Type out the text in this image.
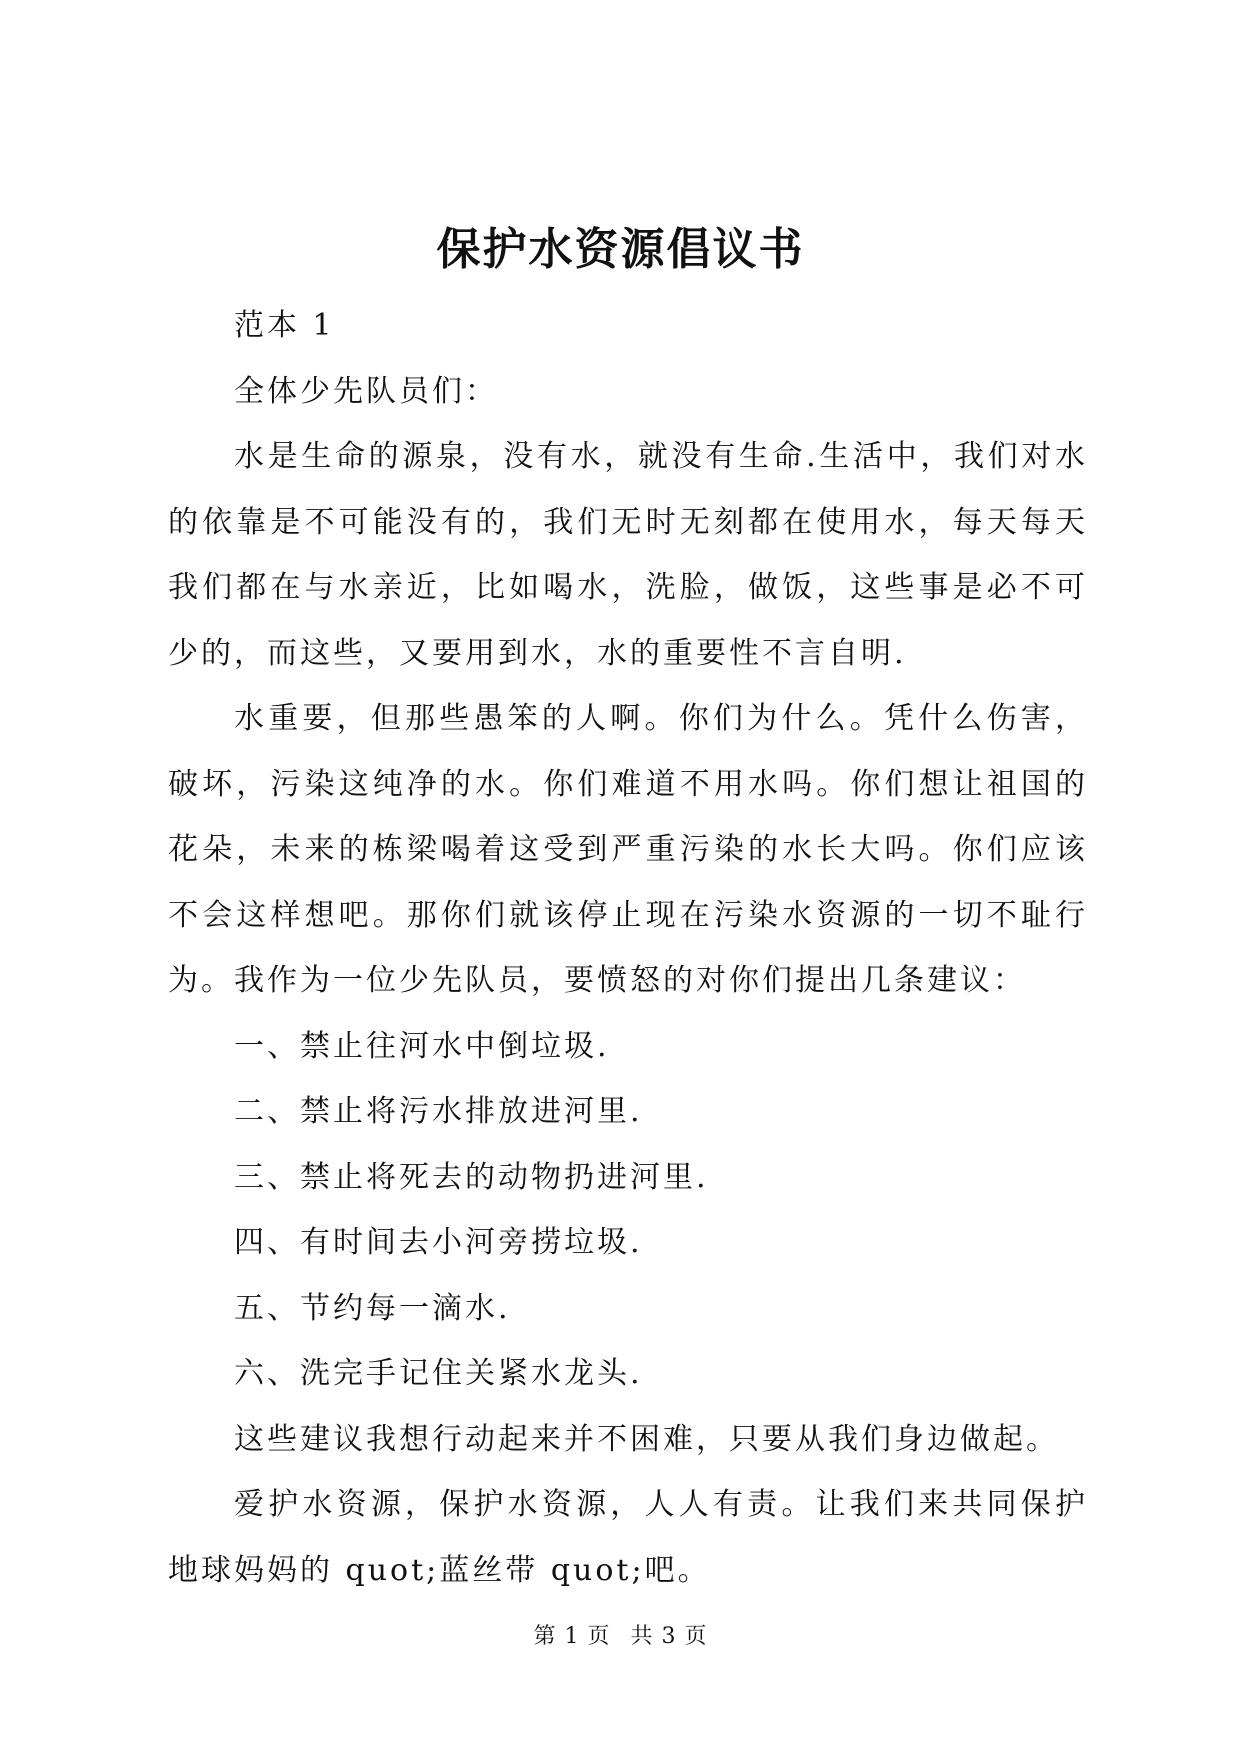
保护水资源倡议书

范本 1

全体少先队员们：

水是生命的源泉，没有水，就没有生命.生活中，我们对水的依靠是不可能没有的，我们无时无刻都在使用水，每天每天我们都在与水亲近，比如喝水，洗脸，做饭，这些事是必不可少的，而这些，又要用到水，水的重要性不言自明.

水重要，但那些愚笨的人啊。你们为什么。凭什么伤害，破坏，污染这纯净的水。你们难道不用水吗。你们想让祖国的花朵，未来的栋梁喝着这受到严重污染的水长大吗。你们应该不会这样想吧。那你们就该停止现在污染水资源的一切不耻行为。我作为一位少先队员，要愤怒的对你们提出几条建议：

一、禁止往河水中倒垃圾.

二、禁止将污水排放进河里.

三、禁止将死去的动物扔进河里.

四、有时间去小河旁捞垃圾.

五、节约每一滴水.

六、洗完手记住关紧水龙头.

这些建议我想行动起来并不困难，只要从我们身边做起。

爱护水资源，保护水资源，人人有责。让我们来共同保护地球妈妈的 quot;蓝丝带 quot;吧。

第 1 页 共 3 页
